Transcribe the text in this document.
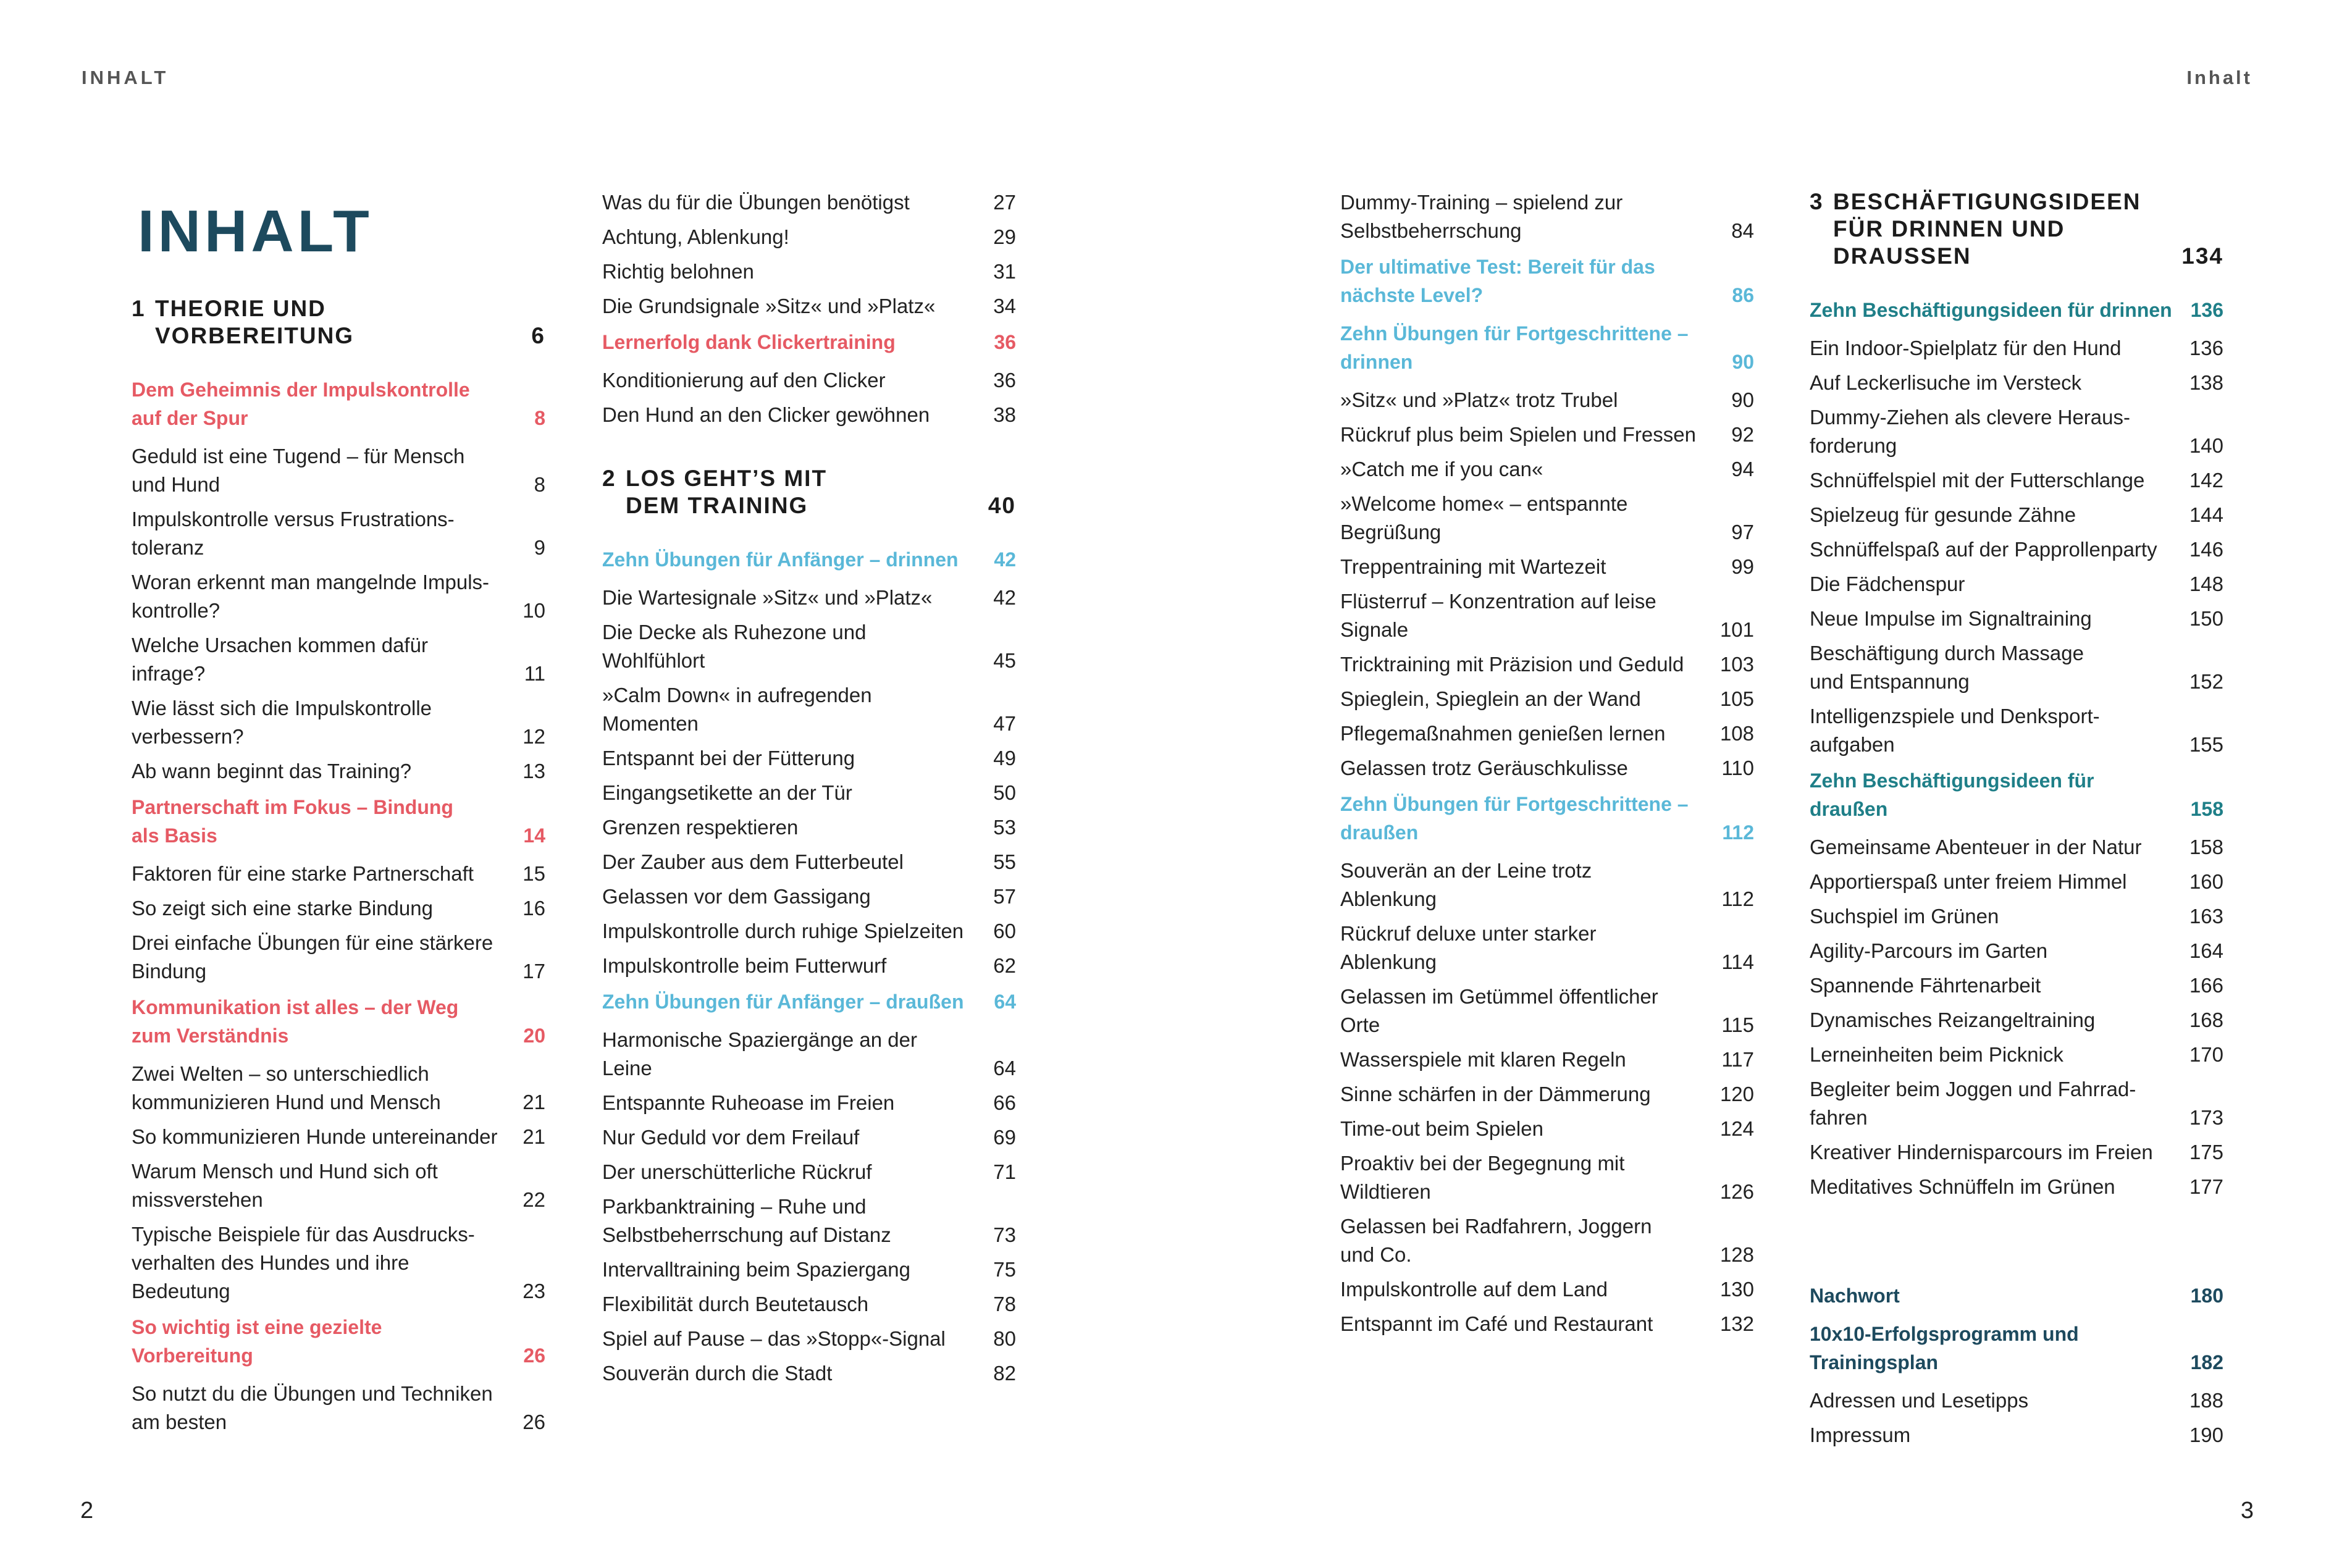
INHALT	Inhalt
2	3
INHALT
1 THEORIE UND VORBEREITUNG	6
Dem Geheimnis der Impulskontrolle
auf der Spur	8
Geduld ist eine Tugend – für Mensch
und Hund	8
Impulskontrolle versus Frustrations-
toleranz	9
Woran erkennt man mangelnde Impuls-
kontrolle?	10
Welche Ursachen kommen dafür infrage?	11
Wie lässt sich die Impulskontrolle
verbessern?	12
Ab wann beginnt das Training?	13
Partnerschaft im Fokus – Bindung
als Basis	14
Faktoren für eine starke Partnerschaft	15
So zeigt sich eine starke Bindung	16
Drei einfache Übungen für eine stärkere
Bindung	17
Kommunikation ist alles – der Weg
zum Verständnis	20
Zwei Welten – so unterschiedlich
kommunizieren Hund und Mensch	21
So kommunizieren Hunde untereinander	21
Warum Mensch und Hund sich oft
missverstehen	22
Typische Beispiele für das Ausdrucks-
verhalten des Hundes und ihre
Bedeutung	23
So wichtig ist eine gezielte
Vorbereitung	26
So nutzt du die Übungen und Techniken
am besten	26
Was du für die Übungen benötigst	27
Achtung, Ablenkung!	29
Richtig belohnen	31
Die Grundsignale »Sitz« und »Platz«	34
Lernerfolg dank Clickertraining	36
Konditionierung auf den Clicker	36
Den Hund an den Clicker gewöhnen	38
2 LOS GEHT’S MIT
DEM TRAINING	40
Zehn Übungen für Anfänger – drinnen	42
Die Wartesignale »Sitz« und »Platz«	42
Die Decke als Ruhezone und
Wohlfühlort	45
»Calm Down« in aufregenden
Momenten	47
Entspannt bei der Fütterung	49
Eingangsetikette an der Tür	50
Grenzen respektieren	53
Der Zauber aus dem Futterbeutel	55
Gelassen vor dem Gassigang	57
Impulskontrolle durch ruhige Spielzeiten	60
Impulskontrolle beim Futterwurf	62
Zehn Übungen für Anfänger – draußen	64
Harmonische Spaziergänge an der
Leine	64
Entspannte Ruheoase im Freien	66
Nur Geduld vor dem Freilauf	69
Der unerschütterliche Rückruf	71
Parkbanktraining – Ruhe und
Selbstbeherrschung auf Distanz	73
Intervalltraining beim Spaziergang	75
Flexibilität durch Beutetausch	78
Spiel auf Pause – das »Stopp«-Signal	80
Souverän durch die Stadt	82
Dummy-Training – spielend zur
Selbstbeherrschung	84
Der ultimative Test: Bereit für das
nächste Level?	86
Zehn Übungen für Fortgeschrittene –
drinnen	90
»Sitz« und »Platz« trotz Trubel	90
Rückruf plus beim Spielen und Fressen	92
»Catch me if you can«	94
»Welcome home« – entspannte
Begrüßung	97
Treppentraining mit Wartezeit	99
Flüsterruf – Konzentration auf leise
Signale	101
Tricktraining mit Präzision und Geduld	103
Spieglein, Spieglein an der Wand	105
Pflegemaßnahmen genießen lernen	108
Gelassen trotz Geräuschkulisse	110
Zehn Übungen für Fortgeschrittene –
draußen	112
Souverän an der Leine trotz
Ablenkung	112
Rückruf deluxe unter starker
Ablenkung	114
Gelassen im Getümmel öffentlicher
Orte	115
Wasserspiele mit klaren Regeln	117
Sinne schärfen in der Dämmerung	120
Time-out beim Spielen	124
Proaktiv bei der Begegnung mit
Wildtieren	126
Gelassen bei Radfahrern, Joggern
und Co.	128
Impulskontrolle auf dem Land	130
Entspannt im Café und Restaurant	132
3 BESCHÄFTIGUNGSIDEEN
FÜR DRINNEN UND
DRAUSSEN	134
Zehn Beschäftigungsideen für drinnen 136
Ein Indoor-Spielplatz für den Hund	136
Auf Leckerlisuche im Versteck	138
Dummy-Ziehen als clevere Heraus-
forderung	140
Schnüffelspiel mit der Futterschlange	142
Spielzeug für gesunde Zähne	144
Schnüffelspaß auf der Papprollenparty	146
Die Fädchenspur	148
Neue Impulse im Signaltraining	150
Beschäftigung durch Massage
und Entspannung	152
Intelligenzspiele und Denksport-
aufgaben	155
Zehn Beschäftigungsideen für draußen	158
Gemeinsame Abenteuer in der Natur	158
Apportierspaß unter freiem Himmel	160
Suchspiel im Grünen	163
Agility-Parcours im Garten	164
Spannende Fährtenarbeit	166
Dynamisches Reizangeltraining	168
Lerneinheiten beim Picknick	170
Begleiter beim Joggen und Fahrrad-
fahren	173
Kreativer Hindernisparcours im Freien	175
Meditatives Schnüffeln im Grünen	177
Nachwort	180
10x10-Erfolgsprogramm und
Trainingsplan	182
Adressen und Lesetipps	188
Impressum	190
